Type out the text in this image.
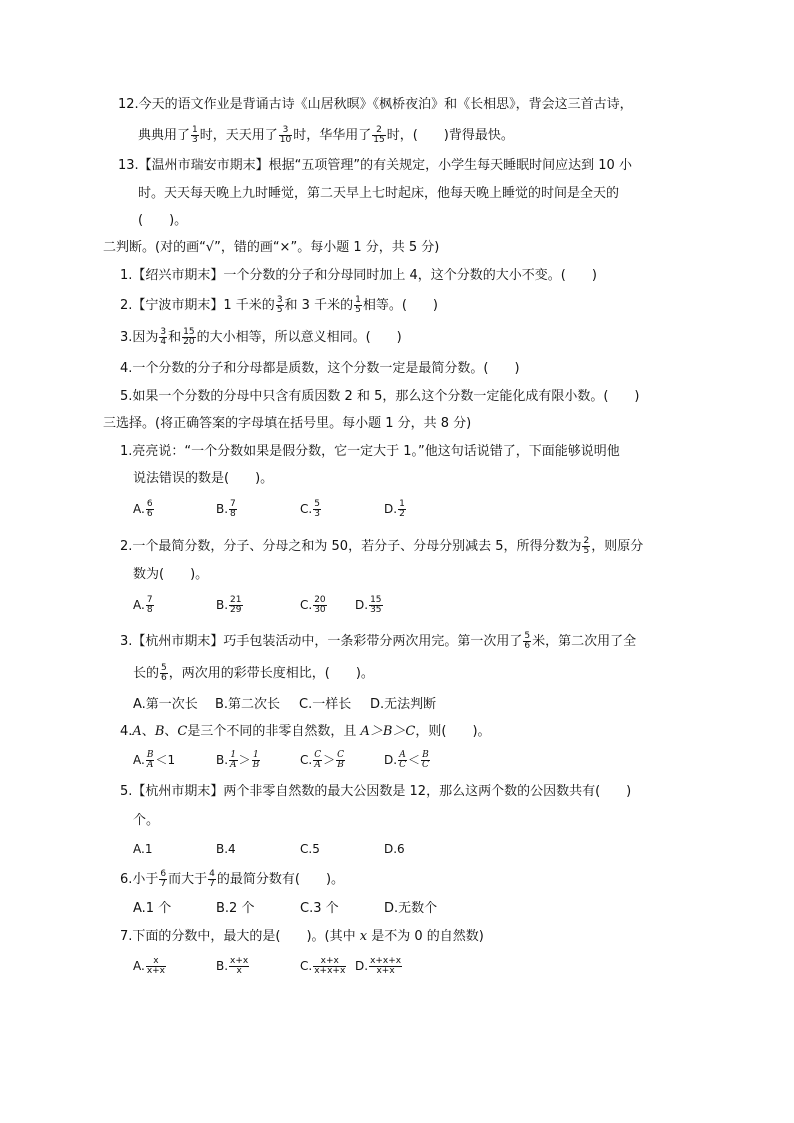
12.今天的语文作业是背诵古诗《山居秋暝》《枫桥夜泊》和《长相思》，背会这三首古诗，
典典用了 $\frac{1}{3}$ 时，天天用了 $\frac{3}{10}$ 时，华华用了 $\frac{2}{15}$ 时，(　　)背得最快。
13.【温州市瑞安市期末】根据“五项管理”的有关规定，小学生每天睡眠时间应达到 10 小
时。天天每天晚上九时睡觉，第二天早上七时起床，他每天晚上睡觉的时间是全天的
(　　)。
二判断。(对的画“√”，错的画“×”。每小题 1 分，共 5 分)
1.【绍兴市期末】一个分数的分子和分母同时加上 4，这个分数的大小不变。(　　)
2.【宁波市期末】1 千米的 $\frac{3}{5}$ 和 3 千米的 $\frac{1}{5}$ 相等。(　　)
3.因为 $\frac{3}{4}$ 和 $\frac{15}{20}$ 的大小相等，所以意义相同。(　　)
4.一个分数的分子和分母都是质数，这个分数一定是最简分数。(　　)
5.如果一个分数的分母中只含有质因数 2 和 5，那么这个分数一定能化成有限小数。(　　)
三选择。(将正确答案的字母填在括号里。每小题 1 分，共 8 分)
1.亮亮说：“一个分数如果是假分数，它一定大于 1。”他这句话说错了，下面能够说明他
说法错误的数是(　　)。
A. $\frac{6}{6}$	B. $\frac{7}{8}$	C. $\frac{5}{3}$	D. $\frac{1}{2}$
2.一个最简分数，分子、分母之和为 50，若分子、分母分别减去 5，所得分数为 $\frac{2}{5}$ ，则原分
数为(　　)。
A. $\frac{7}{8}$	B. $\frac{21}{29}$	C. $\frac{20}{30} D$. $\frac{15}{35}$
3.【杭州市期末】巧手包装活动中，一条彩带分两次用完。第一次用了 $\frac{5}{6}$ 米，第二次用了全
长的 $\frac{5}{6}$ ，两次用的彩带长度相比，(　　)。
A.第一次长 B.第二次长 C.一样长 D.无法判断
4.A、B、C是三个不同的非零自然数，且 A＞B＞C，则(　　)。
A. $\frac{B}{A} <1$	B. $\frac{1}{A} > \frac{1}{B}$	C. $\frac{C}{A} > \frac{C}{B}$	D. $\frac{A}{C} < \frac{B}{C}$
5.【杭州市期末】两个非零自然数的最大公因数是 12，那么这两个数的公因数共有(　　)
个。
A.1	B.4	C.5	D.6
6.小于 $\frac{6}{7}$ 而大于 $\frac{4}{7}$ 的最简分数有(　　)。
A.1 个	B.2 个	C.3 个	D.无数个
7.下面的分数中，最大的是(　　)。(其中 x 是不为 0 的自然数)
A. $\frac{x}{x+x}$	B. $\frac{x+x}{x}$	C. $\frac{x+x}{x+x+x} D$. $\frac{x+x+x}{x+x}$
